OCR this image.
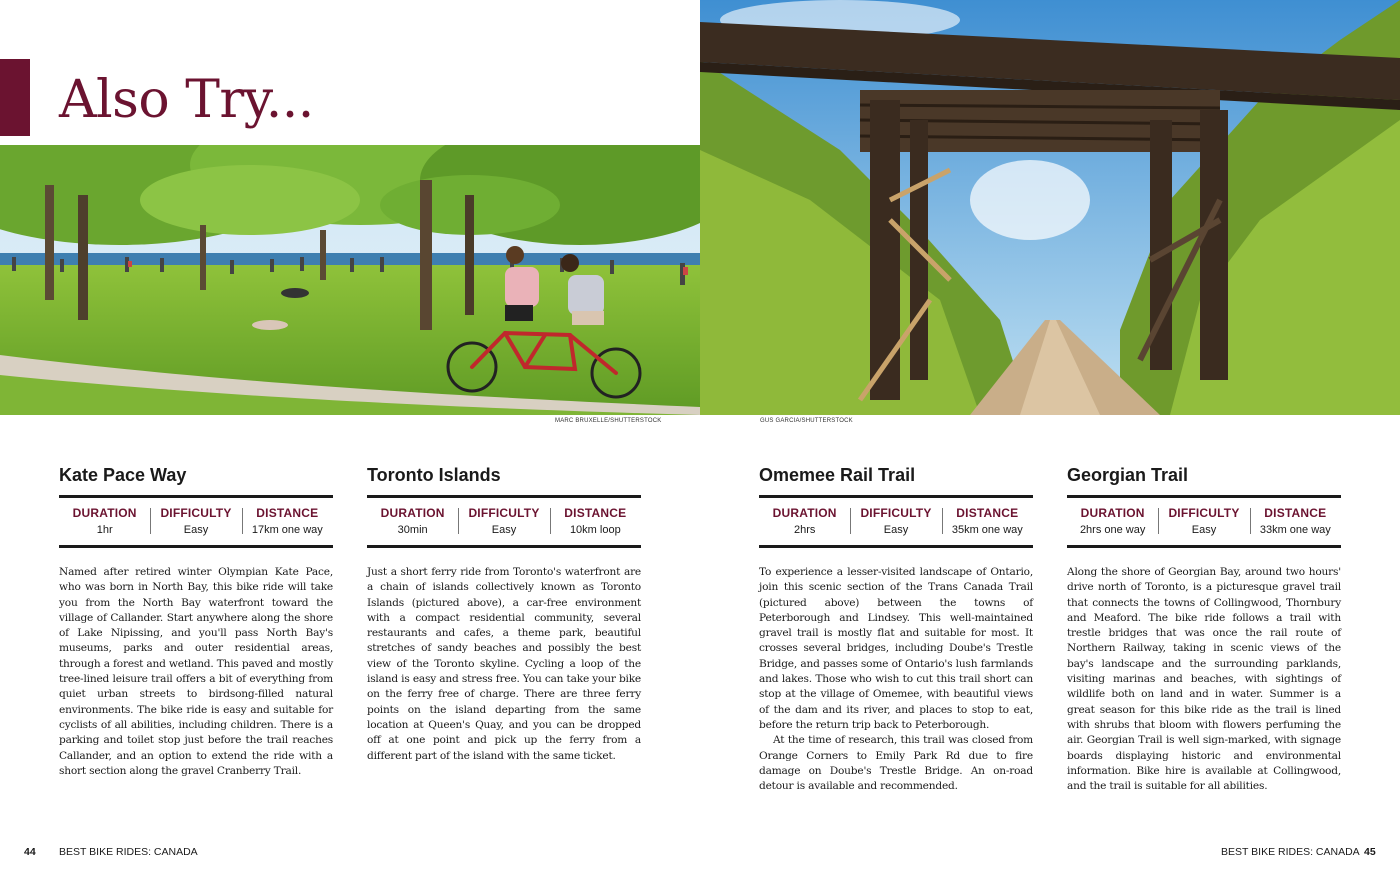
Also Try...
MARC BRUXELLE/SHUTTERSTOCK	GUS GARCIA/SHUTTERSTOCK
Kate Pace Way
DURATION
1hr
DIFFICULTY
Easy
DISTANCE
17km one way

Named after retired winter Olympian Kate Pace, who was born in North Bay, this bike ride will take you from the North Bay waterfront toward the village of Callander. Start anywhere along the shore of Lake Nipissing, and you'll pass North Bay's museums, parks and outer residential areas, through a forest and wetland. This paved and mostly tree-lined leisure trail offers a bit of everything from quiet urban streets to birdsong-filled natural environments. The bike ride is easy and suitable for cyclists of all abilities, including children. There is a parking and toilet stop just before the trail reaches Callander, and an option to extend the ride with a short section along the gravel Cranberry Trail.

Toronto Islands
DURATION
30min
DIFFICULTY
Easy
DISTANCE
10km loop

Just a short ferry ride from Toronto's waterfront are a chain of islands collectively known as Toronto Islands (pictured above), a car-free environment with a compact residential community, several restaurants and cafes, a theme park, beautiful stretches of sandy beaches and possibly the best view of the Toronto skyline. Cycling a loop of the island is easy and stress free. You can take your bike on the ferry free of charge. There are three ferry points on the island departing from the same location at Queen's Quay, and you can be dropped off at one point and pick up the ferry from a different part of the island with the same ticket.

Omemee Rail Trail
DURATION
2hrs
DIFFICULTY
Easy
DISTANCE
35km one way

To experience a lesser-visited landscape of Ontario, join this scenic section of the Trans Canada Trail (pictured above) between the towns of Peterborough and Lindsey. This well-maintained gravel trail is mostly flat and suitable for most. It crosses several bridges, including Doube's Trestle Bridge, and passes some of Ontario's lush farmlands and lakes. Those who wish to cut this trail short can stop at the village of Omemee, with beautiful views of the dam and its river, and places to stop to eat, before the return trip back to Peterborough.

At the time of research, this trail was closed from Orange Corners to Emily Park Rd due to fire damage on Doube's Trestle Bridge. An on-road detour is available and recommended.

Georgian Trail
DURATION
2hrs one way
DIFFICULTY
Easy
DISTANCE
33km one way

Along the shore of Georgian Bay, around two hours' drive north of Toronto, is a picturesque gravel trail that connects the towns of Collingwood, Thornbury and Meaford. The bike ride follows a trail with trestle bridges that was once the rail route of Northern Railway, taking in scenic views of the bay's landscape and the surrounding parklands, visiting marinas and beaches, with sightings of wildlife both on land and in water. Summer is a great season for this bike ride as the trail is lined with shrubs that bloom with flowers perfuming the air. Georgian Trail is well sign-marked, with signage boards displaying historic and environmental information. Bike hire is available at Collingwood, and the trail is suitable for all abilities.

44 BEST BIKE RIDES: CANADA	BEST BIKE RIDES: CANADA 45
